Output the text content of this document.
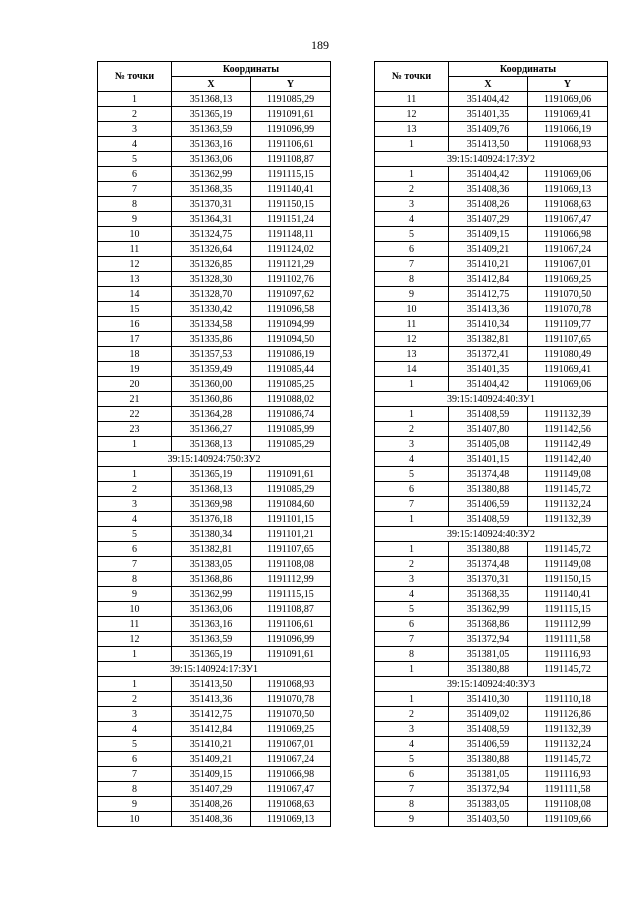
189
№ точки	Координаты	
	X	Y
1	351368,13	1191085,29
2	351365,19	1191091,61
3	351363,59	1191096,99
4	351363,16	1191106,61
5	351363,06	1191108,87
6	351362,99	1191115,15
7	351368,35	1191140,41
8	351370,31	1191150,15
9	351364,31	1191151,24
10	351324,75	1191148,11
11	351326,64	1191124,02
12	351326,85	1191121,29
13	351328,30	1191102,76
14	351328,70	1191097,62
15	351330,42	1191096,58
16	351334,58	1191094,99
17	351335,86	1191094,50
18	351357,53	1191086,19
19	351359,49	1191085,44
20	351360,00	1191085,25
21	351360,86	1191088,02
22	351364,28	1191086,74
23	351366,27	1191085,99
1	351368,13	1191085,29
39:15:140924:750:ЗУ2		
1	351365,19	1191091,61
2	351368,13	1191085,29
3	351369,98	1191084,60
4	351376,18	1191101,15
5	351380,34	1191101,21
6	351382,81	1191107,65
7	351383,05	1191108,08
8	351368,86	1191112,99
9	351362,99	1191115,15
10	351363,06	1191108,87
11	351363,16	1191106,61
12	351363,59	1191096,99
1	351365,19	1191091,61
39:15:140924:17:ЗУ1		
1	351413,50	1191068,93
2	351413,36	1191070,78
3	351412,75	1191070,50
4	351412,84	1191069,25
5	351410,21	1191067,01
6	351409,21	1191067,24
7	351409,15	1191066,98
8	351407,29	1191067,47
9	351408,26	1191068,63
10	351408,36	1191069,13
№ точки	Координаты	
	X	Y
11	351404,42	1191069,06
12	351401,35	1191069,41
13	351409,76	1191066,19
1	351413,50	1191068,93
39:15:140924:17:ЗУ2		
1	351404,42	1191069,06
2	351408,36	1191069,13
3	351408,26	1191068,63
4	351407,29	1191067,47
5	351409,15	1191066,98
6	351409,21	1191067,24
7	351410,21	1191067,01
8	351412,84	1191069,25
9	351412,75	1191070,50
10	351413,36	1191070,78
11	351410,34	1191109,77
12	351382,81	1191107,65
13	351372,41	1191080,49
14	351401,35	1191069,41
1	351404,42	1191069,06
39:15:140924:40:ЗУ1		
1	351408,59	1191132,39
2	351407,80	1191142,56
3	351405,08	1191142,49
4	351401,15	1191142,40
5	351374,48	1191149,08
6	351380,88	1191145,72
7	351406,59	1191132,24
1	351408,59	1191132,39
39:15:140924:40:ЗУ2		
1	351380,88	1191145,72
2	351374,48	1191149,08
3	351370,31	1191150,15
4	351368,35	1191140,41
5	351362,99	1191115,15
6	351368,86	1191112,99
7	351372,94	1191111,58
8	351381,05	1191116,93
1	351380,88	1191145,72
39:15:140924:40:ЗУ3		
1	351410,30	1191110,18
2	351409,02	1191126,86
3	351408,59	1191132,39
4	351406,59	1191132,24
5	351380,88	1191145,72
6	351381,05	1191116,93
7	351372,94	1191111,58
8	351383,05	1191108,08
9	351403,50	1191109,66
